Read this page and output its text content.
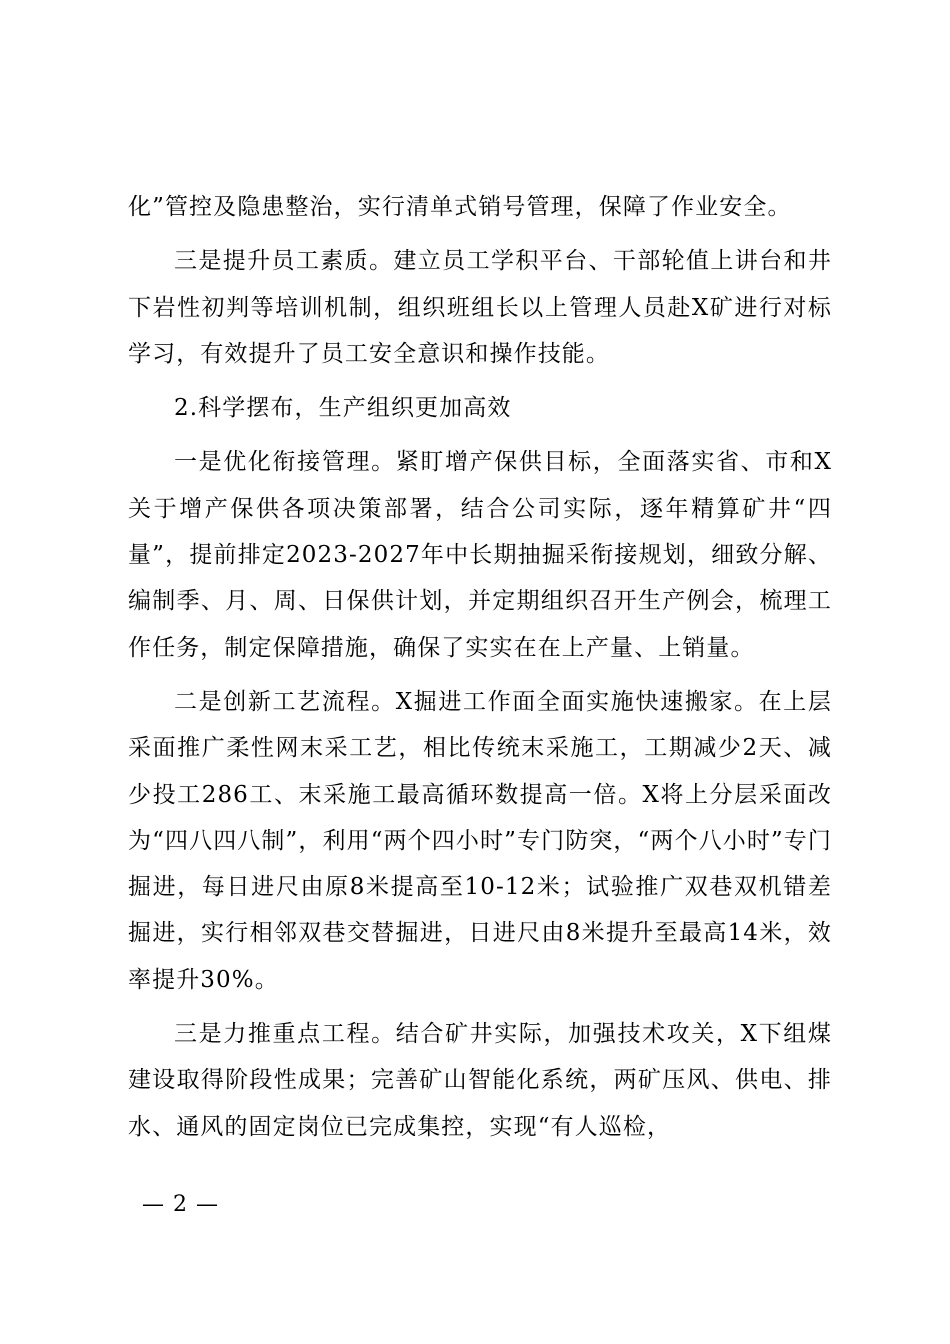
化”管控及隐患整治，实行清单式销号管理，保障了作业安全。

三是提升员工素质。建立员工学积平台、干部轮值上讲台和井下岩性初判等培训机制，组织班组长以上管理人员赴X矿进行对标学习，有效提升了员工安全意识和操作技能。

2.科学摆布，生产组织更加高效

一是优化衔接管理。紧盯增产保供目标，全面落实省、市和X关于增产保供各项决策部署，结合公司实际，逐年精算矿井“四量”，提前排定2023-2027年中长期抽掘采衔接规划，细致分解、编制季、月、周、日保供计划，并定期组织召开生产例会，梳理工作任务，制定保障措施，确保了实实在在上产量、上销量。

二是创新工艺流程。X掘进工作面全面实施快速搬家。在上层采面推广柔性网末采工艺，相比传统末采施工，工期减少2天、减少投工286工、末采施工最高循环数提高一倍。X将上分层采面改为“四八四八制”，利用“两个四小时”专门防突，“两个八小时”专门掘进，每日进尺由原8米提高至10-12米；试验推广双巷双机错差掘进，实行相邻双巷交替掘进，日进尺由8米提升至最高14米，效率提升30%。

三是力推重点工程。结合矿井实际，加强技术攻关，X下组煤建设取得阶段性成果；完善矿山智能化系统，两矿压风、供电、排水、通风的固定岗位已完成集控，实现“有人巡检，

— 2 —
